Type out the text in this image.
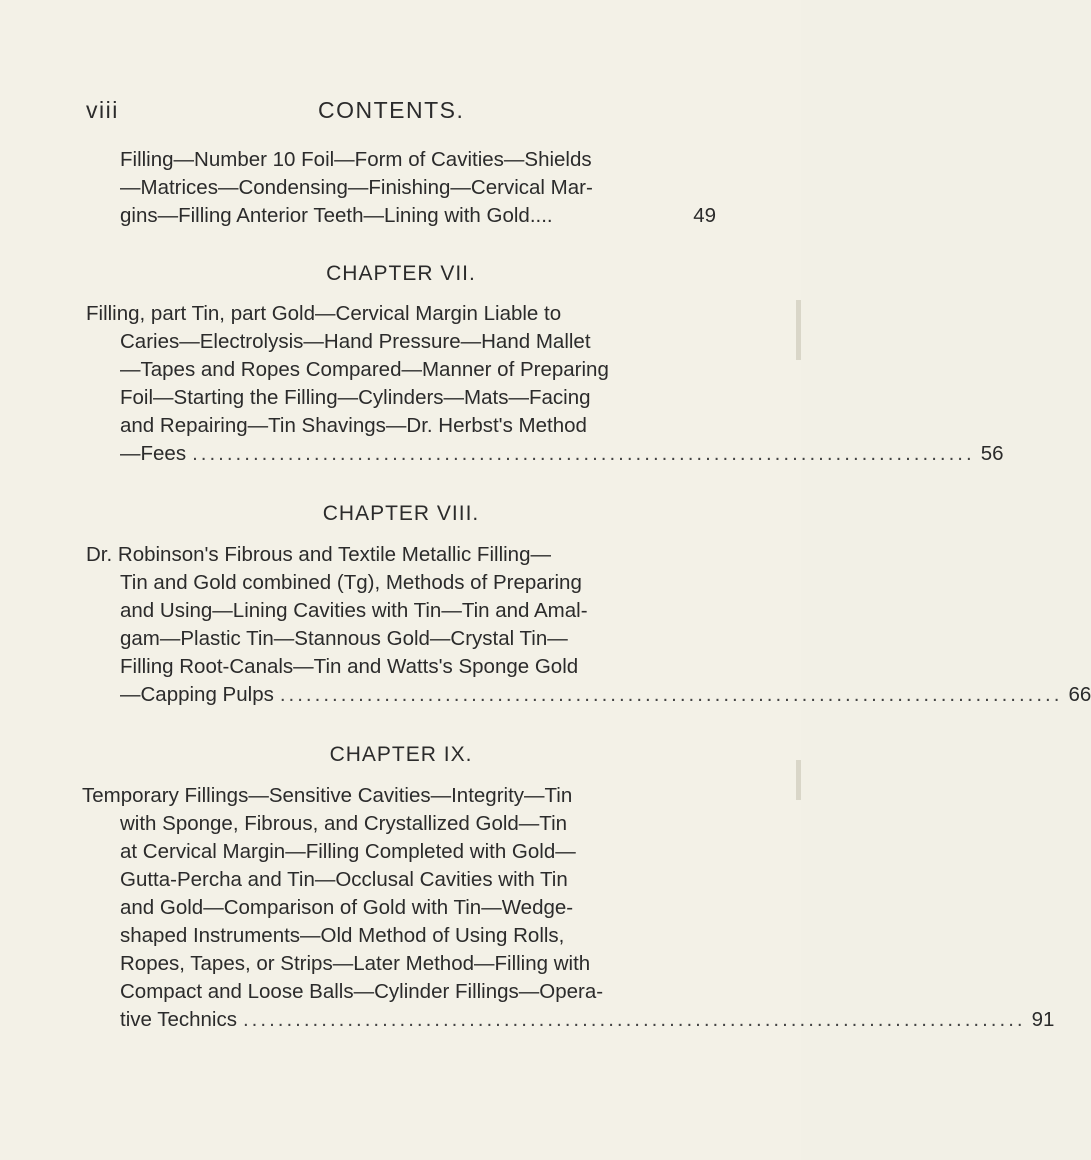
viii	CONTENTS.
Filling—Number 10 Foil—Form of Cavities—Shields
—Matrices—Condensing—Finishing—Cervical Mar-
gins—Filling Anterior Teeth—Lining with Gold....	49
CHAPTER VII.
Filling, part Tin, part Gold—Cervical Margin Liable to
Caries—Electrolysis—Hand Pressure—Hand Mallet
—Tapes and Ropes Compared—Manner of Preparing
Foil—Starting the Filling—Cylinders—Mats—Facing
and Repairing—Tin Shavings—Dr. Herbst's Method
—Fees .......................................................................................... 56
CHAPTER VIII.
Dr. Robinson's Fibrous and Textile Metallic Filling—
Tin and Gold combined (Tg), Methods of Preparing
and Using—Lining Cavities with Tin—Tin and Amal-
gam—Plastic Tin—Stannous Gold—Crystal Tin—
Filling Root-Canals—Tin and Watts's Sponge Gold
—Capping Pulps .......................................................................................... 66
CHAPTER IX.
Temporary Fillings—Sensitive Cavities—Integrity—Tin
with Sponge, Fibrous, and Crystallized Gold—Tin
at Cervical Margin—Filling Completed with Gold—
Gutta-Percha and Tin—Occlusal Cavities with Tin
and Gold—Comparison of Gold with Tin—Wedge-
shaped Instruments—Old Method of Using Rolls,
Ropes, Tapes, or Strips—Later Method—Filling with
Compact and Loose Balls—Cylinder Fillings—Opera-
tive Technics .......................................................................................... 91
